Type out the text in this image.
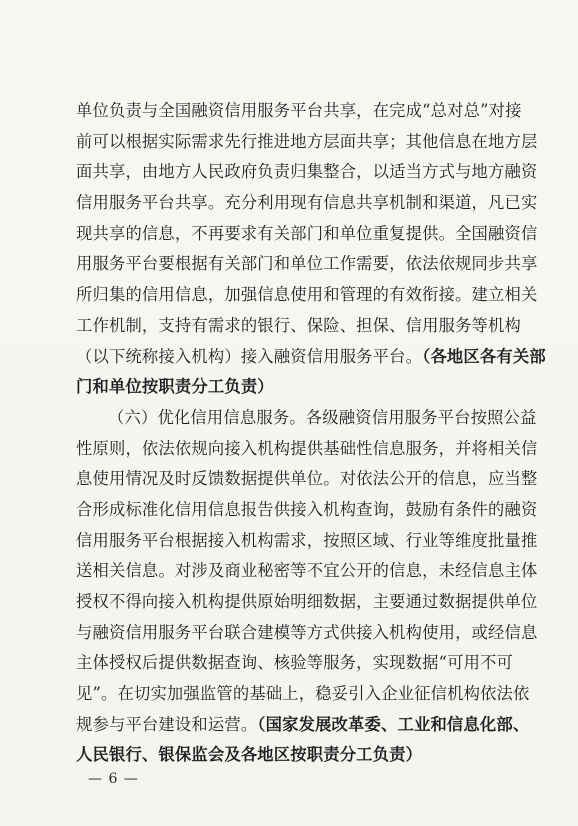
单位负责与全国融资信用服务平台共享，在完成“总对总”对接
前可以根据实际需求先行推进地方层面共享；其他信息在地方层
面共享，由地方人民政府负责归集整合，以适当方式与地方融资
信用服务平台共享。充分利用现有信息共享机制和渠道，凡已实
现共享的信息，不再要求有关部门和单位重复提供。全国融资信
用服务平台要根据有关部门和单位工作需要，依法依规同步共享
所归集的信用信息，加强信息使用和管理的有效衔接。建立相关
工作机制，支持有需求的银行、保险、担保、信用服务等机构
（以下统称接入机构）接入融资信用服务平台。（各地区各有关部
门和单位按职责分工负责）
（六）优化信用信息服务。各级融资信用服务平台按照公益
性原则，依法依规向接入机构提供基础性信息服务，并将相关信
息使用情况及时反馈数据提供单位。对依法公开的信息，应当整
合形成标准化信用信息报告供接入机构查询，鼓励有条件的融资
信用服务平台根据接入机构需求，按照区域、行业等维度批量推
送相关信息。对涉及商业秘密等不宜公开的信息，未经信息主体
授权不得向接入机构提供原始明细数据，主要通过数据提供单位
与融资信用服务平台联合建模等方式供接入机构使用，或经信息
主体授权后提供数据查询、核验等服务，实现数据“可用不可
见”。在切实加强监管的基础上，稳妥引入企业征信机构依法依
规参与平台建设和运营。（国家发展改革委、工业和信息化部、
人民银行、银保监会及各地区按职责分工负责）
— 6 —
